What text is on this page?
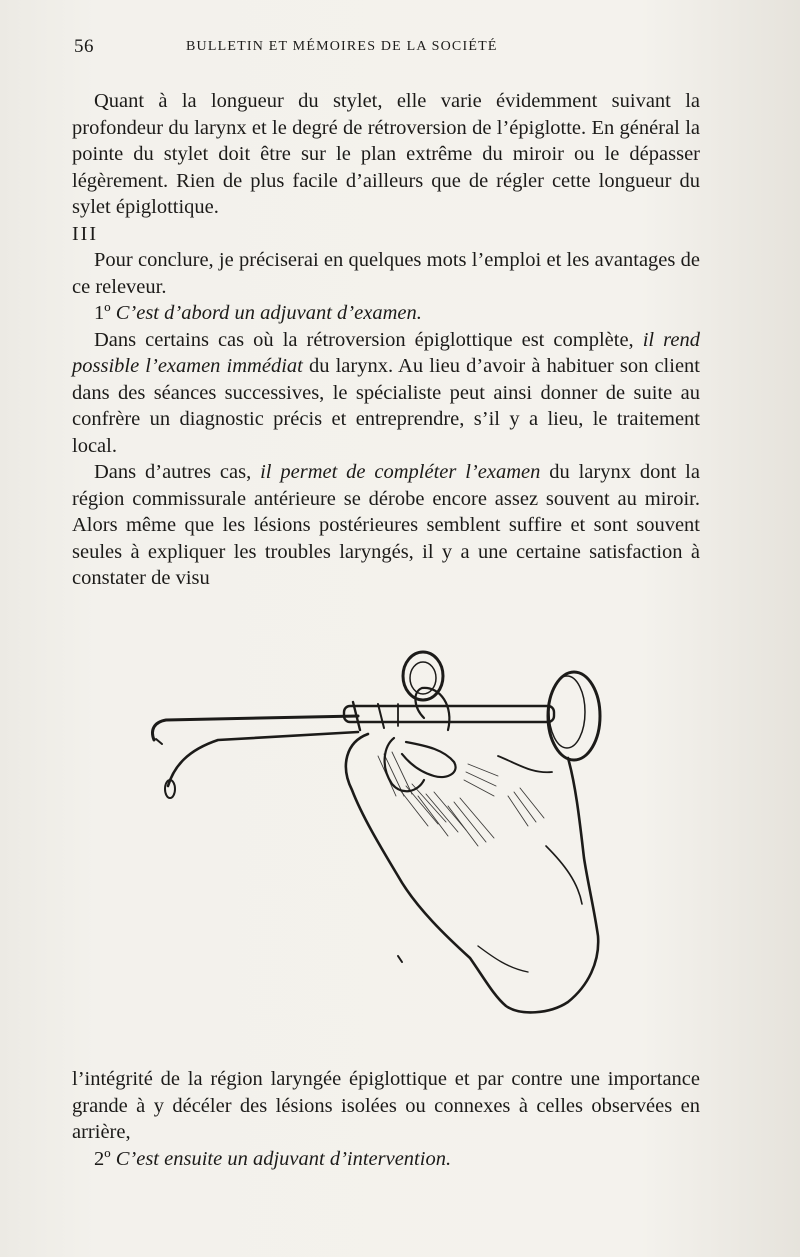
56	BULLETIN ET MÉMOIRES DE LA SOCIÉTÉ

Quant à la longueur du stylet, elle varie évidemment suivant la profondeur du larynx et le degré de rétroversion de l’épiglotte. En général la pointe du stylet doit être sur le plan extrême du miroir ou le dépasser légèrement. Rien de plus facile d’ailleurs que de régler cette longueur du sylet épiglottique.

III

Pour conclure, je préciserai en quelques mots l’emploi et les avantages de ce releveur.

1º C’est d’abord un adjuvant d’examen.

Dans certains cas où la rétroversion épiglottique est complète, il rend possible l’examen immédiat du larynx. Au lieu d’avoir à habituer son client dans des séances successives, le spécialiste peut ainsi donner de suite au confrère un diagnostic précis et entreprendre, s’il y a lieu, le traitement local.

Dans d’autres cas, il permet de compléter l’examen du larynx dont la région commissurale antérieure se dérobe encore assez souvent au miroir. Alors même que les lésions postérieures semblent suffire et sont souvent seules à expliquer les troubles laryngés, il y a une certaine satisfaction à constater de visu

l’intégrité de la région laryngée épiglottique et par contre une importance grande à y décéler des lésions isolées ou connexes à celles observées en arrière,

2º C’est ensuite un adjuvant d’intervention.
